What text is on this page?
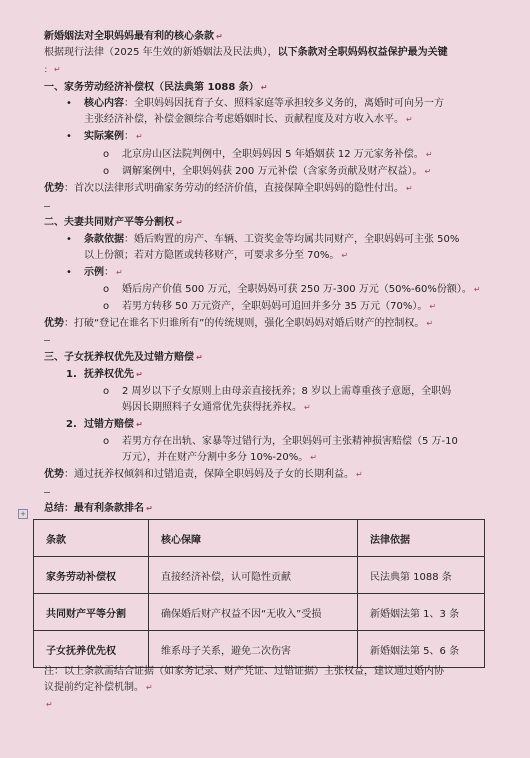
新婚姻法对全职妈妈最有利的核心条款 ↵
根据现行法律（2025 年生效的新婚姻法及民法典），以下条款对全职妈妈权益保护最为关键
： ↵
一、家务劳动经济补偿权（民法典第 1088 条） ↵
• 核心内容：全职妈妈因抚育子女、照料家庭等承担较多义务的，离婚时可向另一方
主张经济补偿，补偿金额综合考虑婚姻时长、贡献程度及对方收入水平。 ↵
• 实际案例： ↵
o 北京房山区法院判例中，全职妈妈因 5 年婚姻获 12 万元家务补偿。 ↵
o 调解案例中，全职妈妈获 200 万元补偿（含家务贡献及财产权益）。 ↵
优势：首次以法律形式明确家务劳动的经济价值，直接保障全职妈妈的隐性付出。 ↵
二、夫妻共同财产平等分割权 ↵
• 条款依据：婚后购置的房产、车辆、工资奖金等均属共同财产，全职妈妈可主张 50%
以上份额；若对方隐匿或转移财产，可要求多分至 70%。 ↵
• 示例： ↵
o 婚后房产价值 500 万元，全职妈妈可获 250 万-300 万元（50%-60%份额）。 ↵
o 若男方转移 50 万元资产，全职妈妈可追回并多分 35 万元（70%）。 ↵
优势：打破“登记在谁名下归谁所有”的传统规则，强化全职妈妈对婚后财产的控制权。 ↵
三、子女抚养权优先及过错方赔偿 ↵
1. 抚养权优先 ↵
o 2 周岁以下子女原则上由母亲直接抚养；8 岁以上需尊重孩子意愿，全职妈
妈因长期照料子女通常优先获得抚养权。 ↵
2. 过错方赔偿 ↵
o 若男方存在出轨、家暴等过错行为，全职妈妈可主张精神损害赔偿（5 万-10
万元），并在财产分割中多分 10%-20%。 ↵
优势：通过抚养权倾斜和过错追责，保障全职妈妈及子女的长期利益。 ↵
+ 总结：最有利条款排名 ↵
条款	核心保障	法律依据
家务劳动补偿权	直接经济补偿，认可隐性贡献	民法典第 1088 条
共同财产平等分割	确保婚后财产权益不因“无收入”受损	新婚姻法第 1、3 条
子女抚养优先权	维系母子关系，避免二次伤害	新婚姻法第 5、6 条
注：以上条款需结合证据（如家务记录、财产凭证、过错证据）主张权益，建议通过婚内协
议提前约定补偿机制。 ↵
↵
